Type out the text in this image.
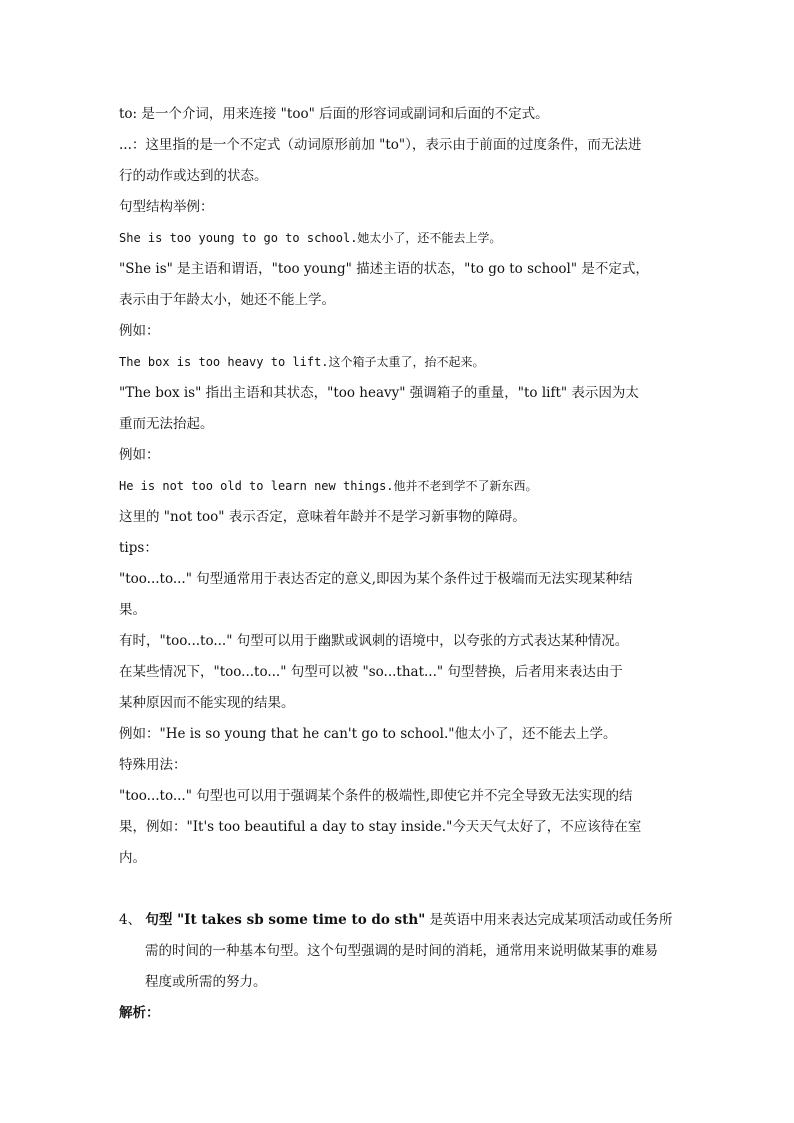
to: 是一个介词，用来连接 "too" 后面的形容词或副词和后面的不定式。
...：这里指的是一个不定式（动词原形前加 "to"），表示由于前面的过度条件，而无法进
行的动作或达到的状态。
句型结构举例：
She is too young to go to school.她太小了，还不能去上学。
"She is" 是主语和谓语，"too young" 描述主语的状态，"to go to school" 是不定式，
表示由于年龄太小，她还不能上学。
例如：
The box is too heavy to lift.这个箱子太重了，抬不起来。
"The box is" 指出主语和其状态，"too heavy" 强调箱子的重量，"to lift" 表示因为太
重而无法抬起。
例如：
He is not too old to learn new things.他并不老到学不了新东西。
这里的 "not too" 表示否定，意味着年龄并不是学习新事物的障碍。
tips：
"too...to..." 句型通常用于表达否定的意义,即因为某个条件过于极端而无法实现某种结
果。
有时，"too...to..." 句型可以用于幽默或讽刺的语境中，以夸张的方式表达某种情况。
在某些情况下，"too...to..." 句型可以被 "so...that..." 句型替换，后者用来表达由于
某种原因而不能实现的结果。
例如："He is so young that he can't go to school."他太小了，还不能去上学。
特殊用法：
"too...to..." 句型也可以用于强调某个条件的极端性,即使它并不完全导致无法实现的结
果，例如："It's too beautiful a day to stay inside."今天天气太好了，不应该待在室
内。
4、 句型 "It takes sb some time to do sth" 是英语中用来表达完成某项活动或任务所
需的时间的一种基本句型。这个句型强调的是时间的消耗，通常用来说明做某事的难易
程度或所需的努力。
解析：
